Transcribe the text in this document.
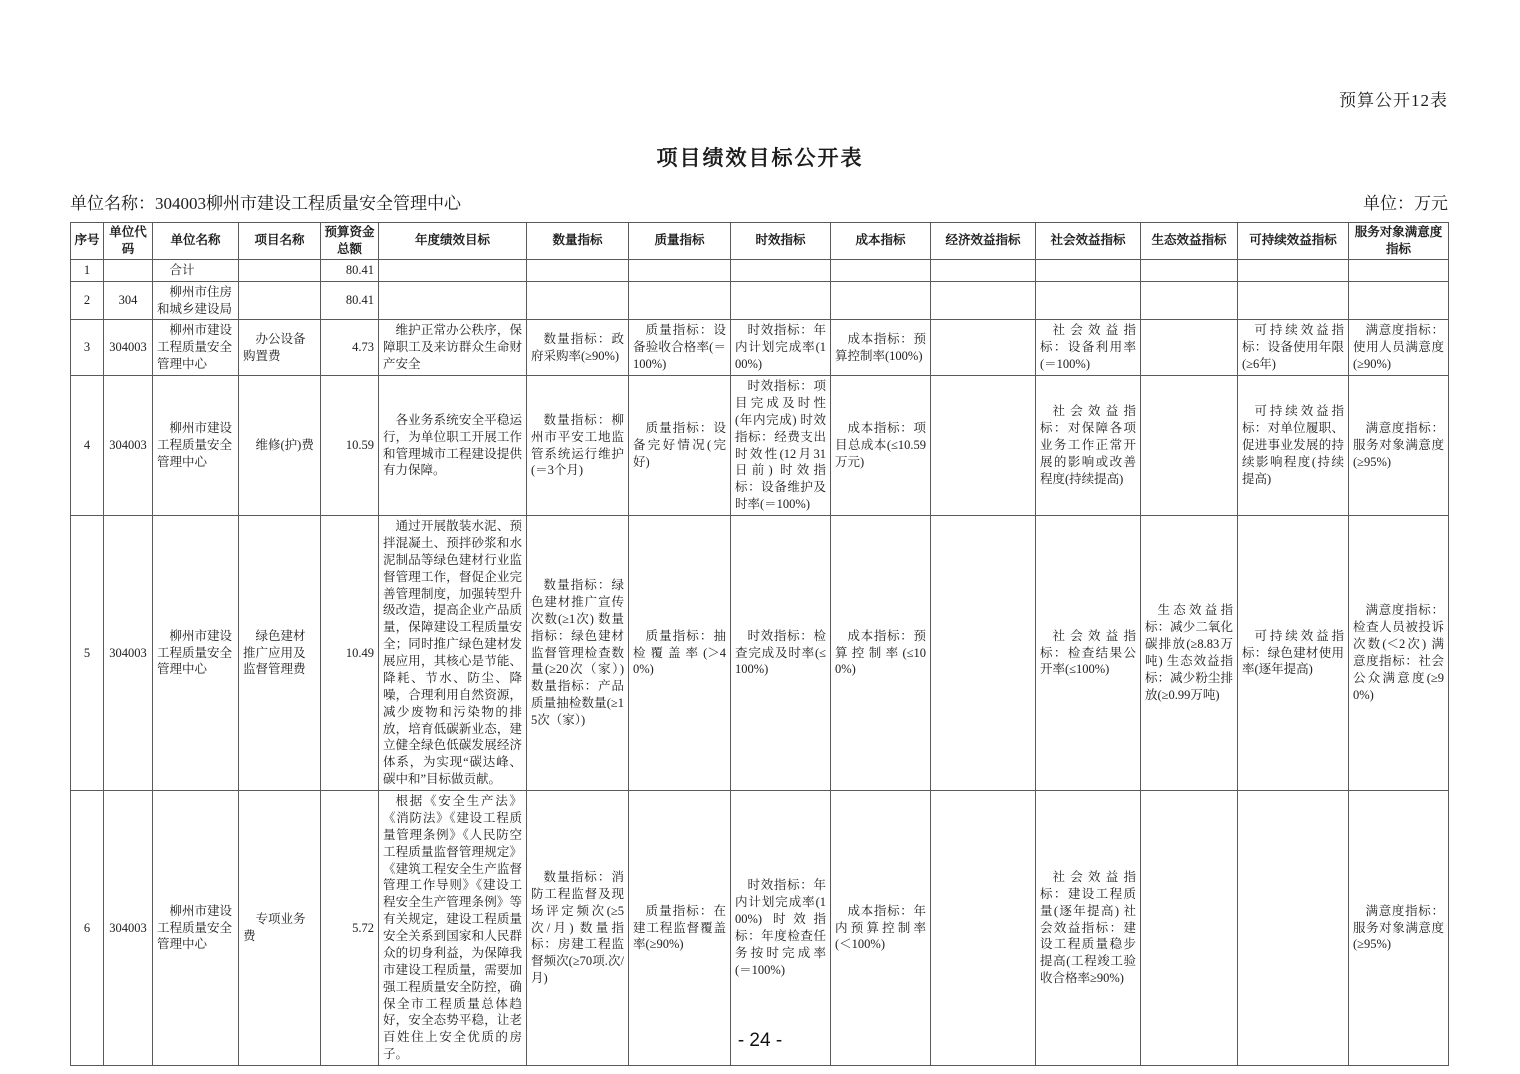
预算公开12表
项目绩效目标公开表
单位名称：304003柳州市建设工程质量安全管理中心	单位：万元
序号	单位代码	单位名称	项目名称	预算资金总额	年度绩效目标	数量指标	质量指标	时效指标	成本指标	经济效益指标	社会效益指标	生态效益指标	可持续效益指标	服务对象满意度指标
1		合计		80.41										
2	304	柳州市住房和城乡建设局		80.41										
3	304003	柳州市建设工程质量安全管理中心	办公设备购置费	4.73	维护正常办公秩序，保障职工及来访群众生命财产安全	数量指标：政府采购率(≥90%)	质量指标：设备验收合格率(＝100%)	时效指标：年内计划完成率(100%)	成本指标：预算控制率(100%)		社会效益指标：设备利用率(＝100%)		可持续效益指标：设备使用年限(≥6年)	满意度指标：使用人员满意度(≥90%)
4	304003	柳州市建设工程质量安全管理中心	维修(护)费	10.59	各业务系统安全平稳运行，为单位职工开展工作和管理城市工程建设提供有力保障。	数量指标：柳州市平安工地监管系统运行维护(＝3个月)	质量指标：设备完好情况(完好)	时效指标：项目完成及时性(年内完成) 时效指标：经费支出时效性(12月31日前) 时效指标：设备维护及时率(＝100%)	成本指标：项目总成本(≤10.59万元)		社会效益指标：对保障各项业务工作正常开展的影响或改善程度(持续提高)		可持续效益指标：对单位履职、促进事业发展的持续影响程度(持续提高)	满意度指标：服务对象满意度(≥95%)
5	304003	柳州市建设工程质量安全管理中心	绿色建材推广应用及监督管理费	10.49	通过开展散装水泥、预拌混凝土、预拌砂浆和水泥制品等绿色建材行业监督管理工作，督促企业完善管理制度，加强转型升级改造，提高企业产品质量，保障建设工程质量安全；同时推广绿色建材发展应用，其核心是节能、降耗、节水、防尘、降噪，合理利用自然资源，减少废物和污染物的排放，培育低碳新业态，建立健全绿色低碳发展经济体系，为实现“碳达峰、碳中和”目标做贡献。	数量指标：绿色建材推广宣传次数(≥1次) 数量指标：绿色建材监督管理检查数量(≥20次（家）) 数量指标：产品质量抽检数量(≥15次（家）)	质量指标：抽检覆盖率(＞40%)	时效指标：检查完成及时率(≤100%)	成本指标：预算控制率(≤100%)		社会效益指标：检查结果公开率(≤100%)	生态效益指标：减少二氧化碳排放(≥8.83万吨) 生态效益指标：减少粉尘排放(≥0.99万吨)	可持续效益指标：绿色建材使用率(逐年提高)	满意度指标：检查人员被投诉次数(＜2次) 满意度指标：社会公众满意度(≥90%)
6	304003	柳州市建设工程质量安全管理中心	专项业务费	5.72	根据《安全生产法》《消防法》《建设工程质量管理条例》《人民防空工程质量监督管理规定》《建筑工程安全生产监督管理工作导则》《建设工程安全生产管理条例》等有关规定，建设工程质量安全关系到国家和人民群众的切身利益，为保障我市建设工程质量，需要加强工程质量安全防控，确保全市工程质量总体趋好，安全态势平稳，让老百姓住上安全优质的房子。	数量指标：消防工程监督及现场评定频次(≥5次/月) 数量指标：房建工程监督频次(≥70项.次/月)	质量指标：在建工程监督覆盖率(≥90%)	时效指标：年内计划完成率(100%) 时效指标：年度检查任务按时完成率(＝100%)	成本指标：年内预算控制率(＜100%)		社会效益指标：建设工程质量(逐年提高) 社会效益指标：建设工程质量稳步提高(工程竣工验收合格率≥90%)			满意度指标：服务对象满意度(≥95%)
- 24 -
